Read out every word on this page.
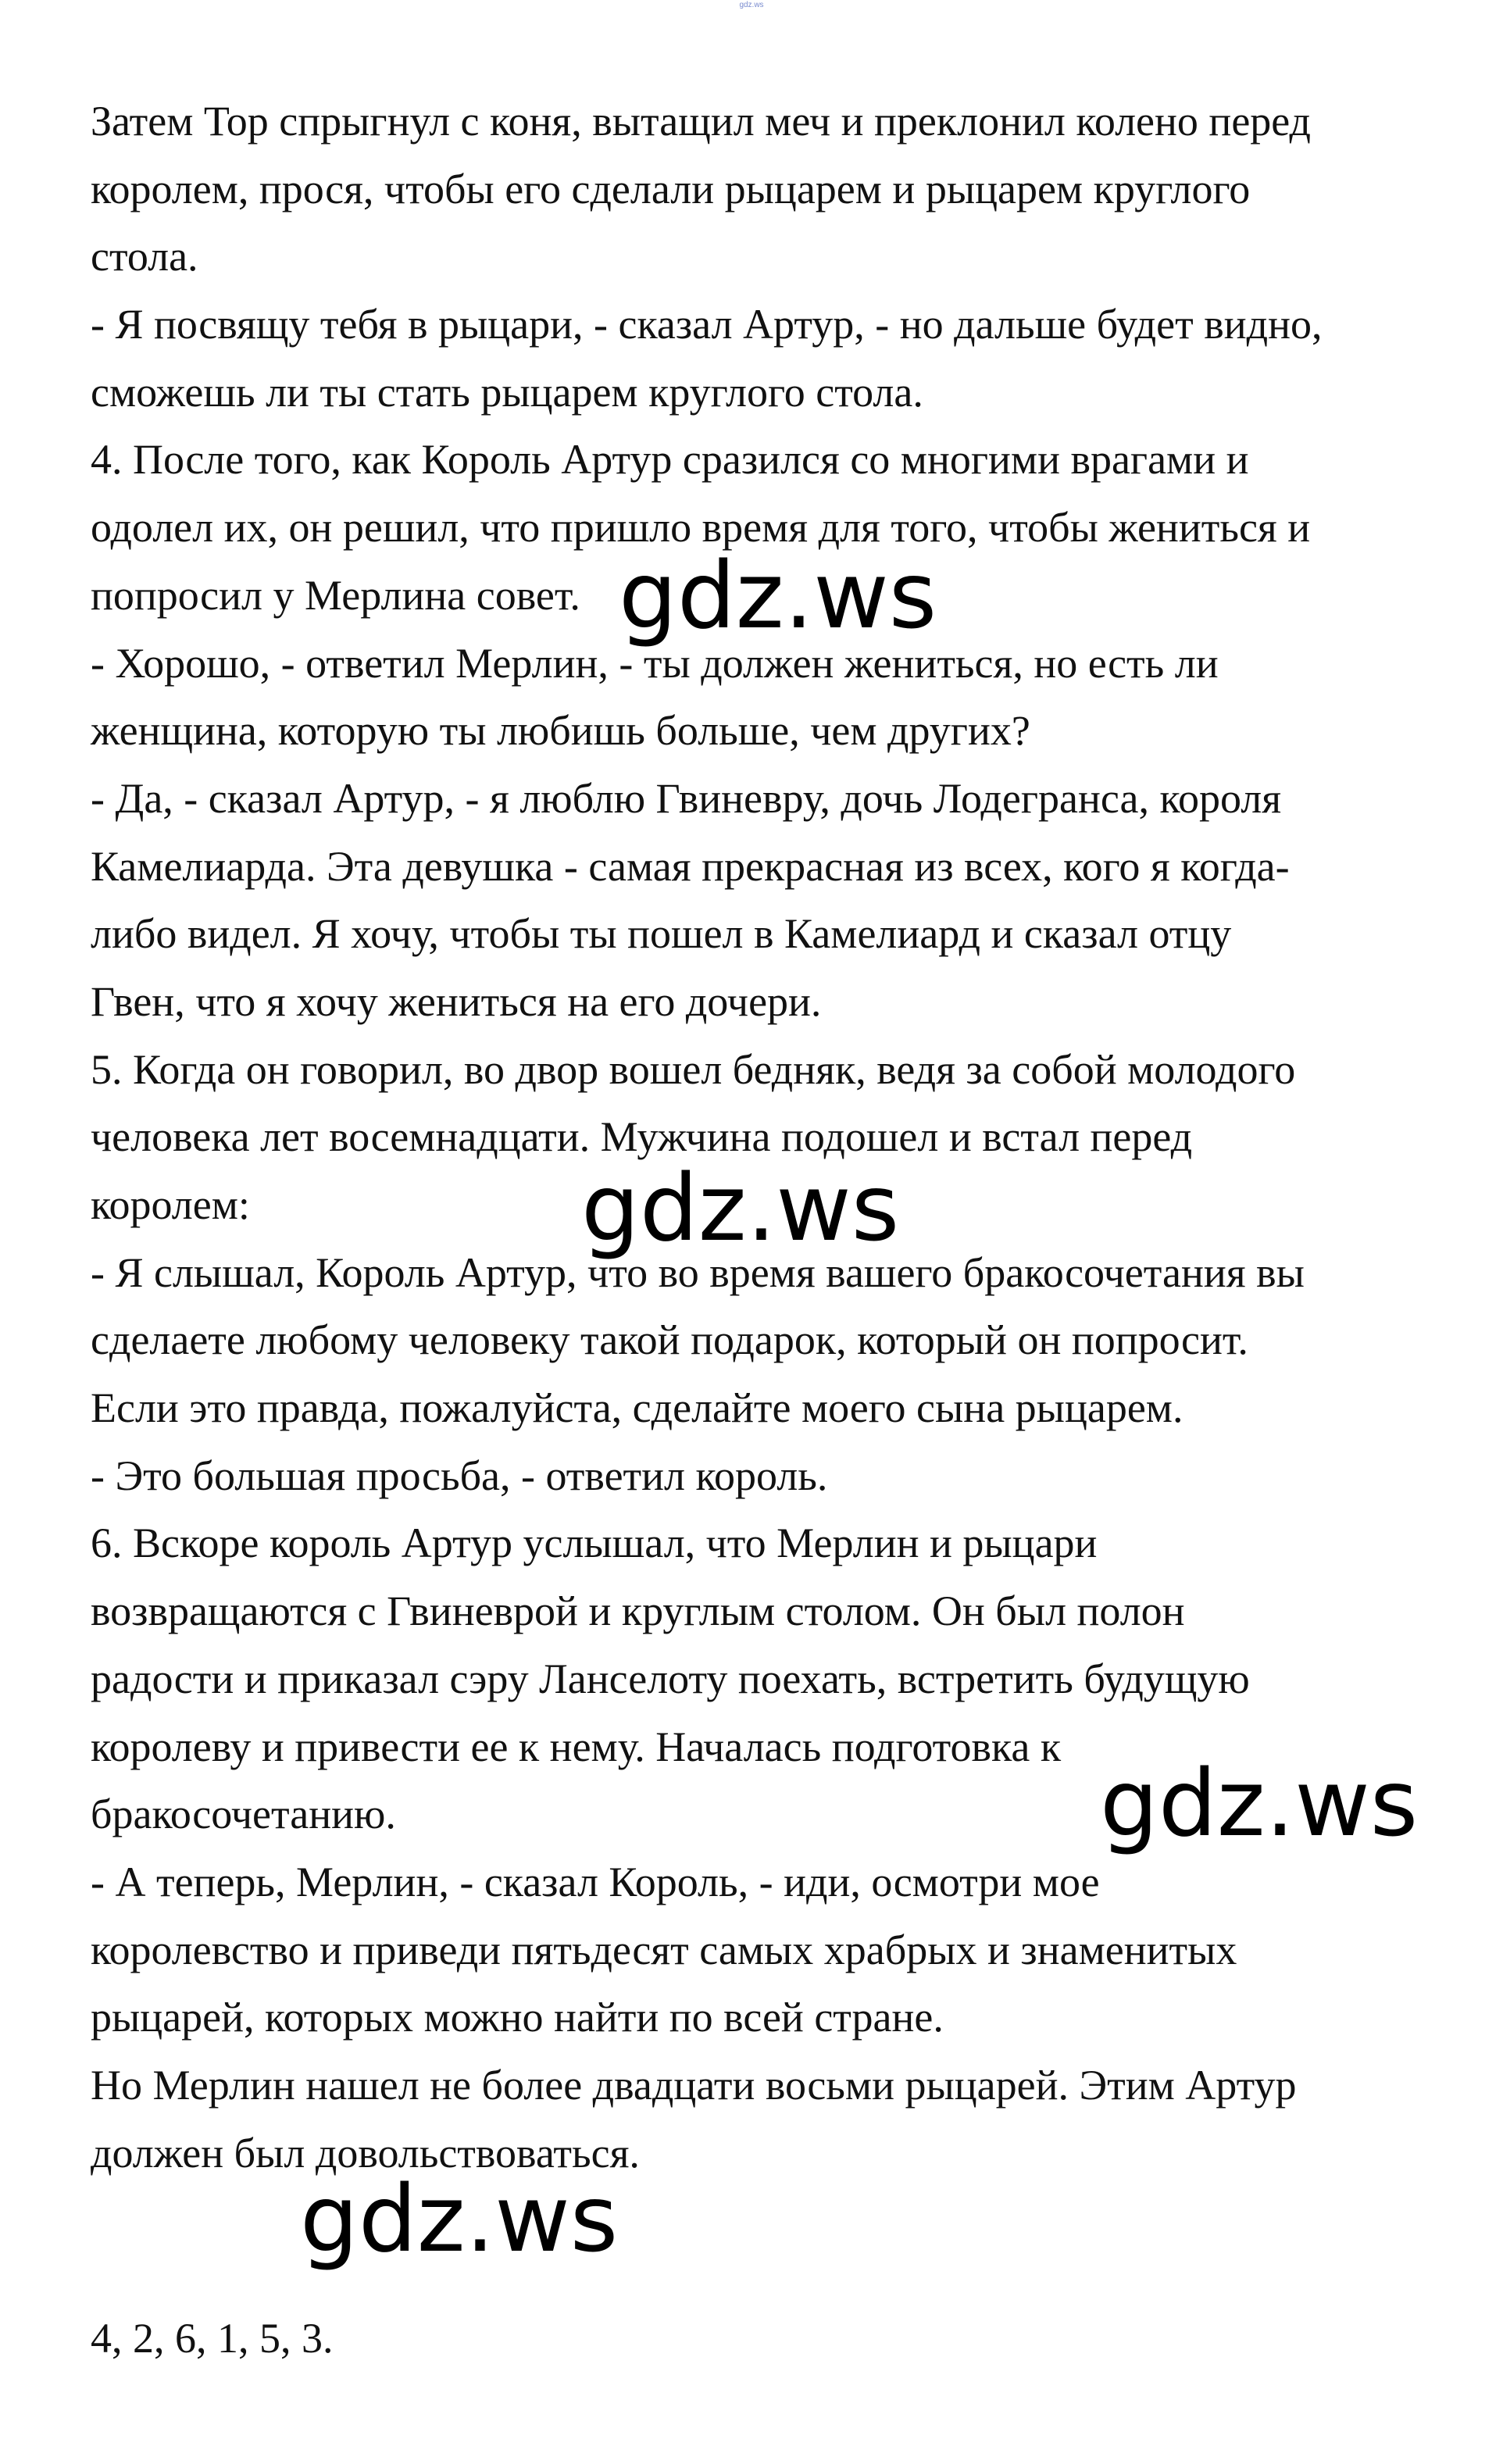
gdz.ws
Затем Тор спрыгнул с коня, вытащил меч и преклонил колено перед
королем, прося, чтобы его сделали рыцарем и рыцарем круглого
стола.
- Я посвящу тебя в рыцари, - сказал Артур, - но дальше будет видно,
сможешь ли ты стать рыцарем круглого стола.
4. После того, как Король Артур сразился со многими врагами и
одолел их, он решил, что пришло время для того, чтобы жениться и
попросил у Мерлина совет.
- Хорошо, - ответил Мерлин, - ты должен жениться, но есть ли
женщина, которую ты любишь больше, чем других?
- Да, - сказал Артур, - я люблю Гвиневру, дочь Лодегранса, короля
Камелиарда. Эта девушка - самая прекрасная из всех, кого я когда-
либо видел. Я хочу, чтобы ты пошел в Камелиард и сказал отцу
Гвен, что я хочу жениться на его дочери.
5. Когда он говорил, во двор вошел бедняк, ведя за собой молодого
человека лет восемнадцати. Мужчина подошел и встал перед
королем:
- Я слышал, Король Артур, что во время вашего бракосочетания вы
сделаете любому человеку такой подарок, который он попросит.
Если это правда, пожалуйста, сделайте моего сына рыцарем.
- Это большая просьба, - ответил король.
6. Вскоре король Артур услышал, что Мерлин и рыцари
возвращаются с Гвиневрой и круглым столом. Он был полон
радости и приказал сэру Ланселоту поехать, встретить будущую
королеву и привести ее к нему. Началась подготовка к
бракосочетанию.
- А теперь, Мерлин, - сказал Король, - иди, осмотри мое
королевство и приведи пятьдесят самых храбрых и знаменитых
рыцарей, которых можно найти по всей стране.
Но Мерлин нашел не более двадцати восьми рыцарей. Этим Артур
должен был довольствоваться.
4, 2, 6, 1, 5, 3.
gdz.ws
gdz.ws
gdz.ws
gdz.ws
